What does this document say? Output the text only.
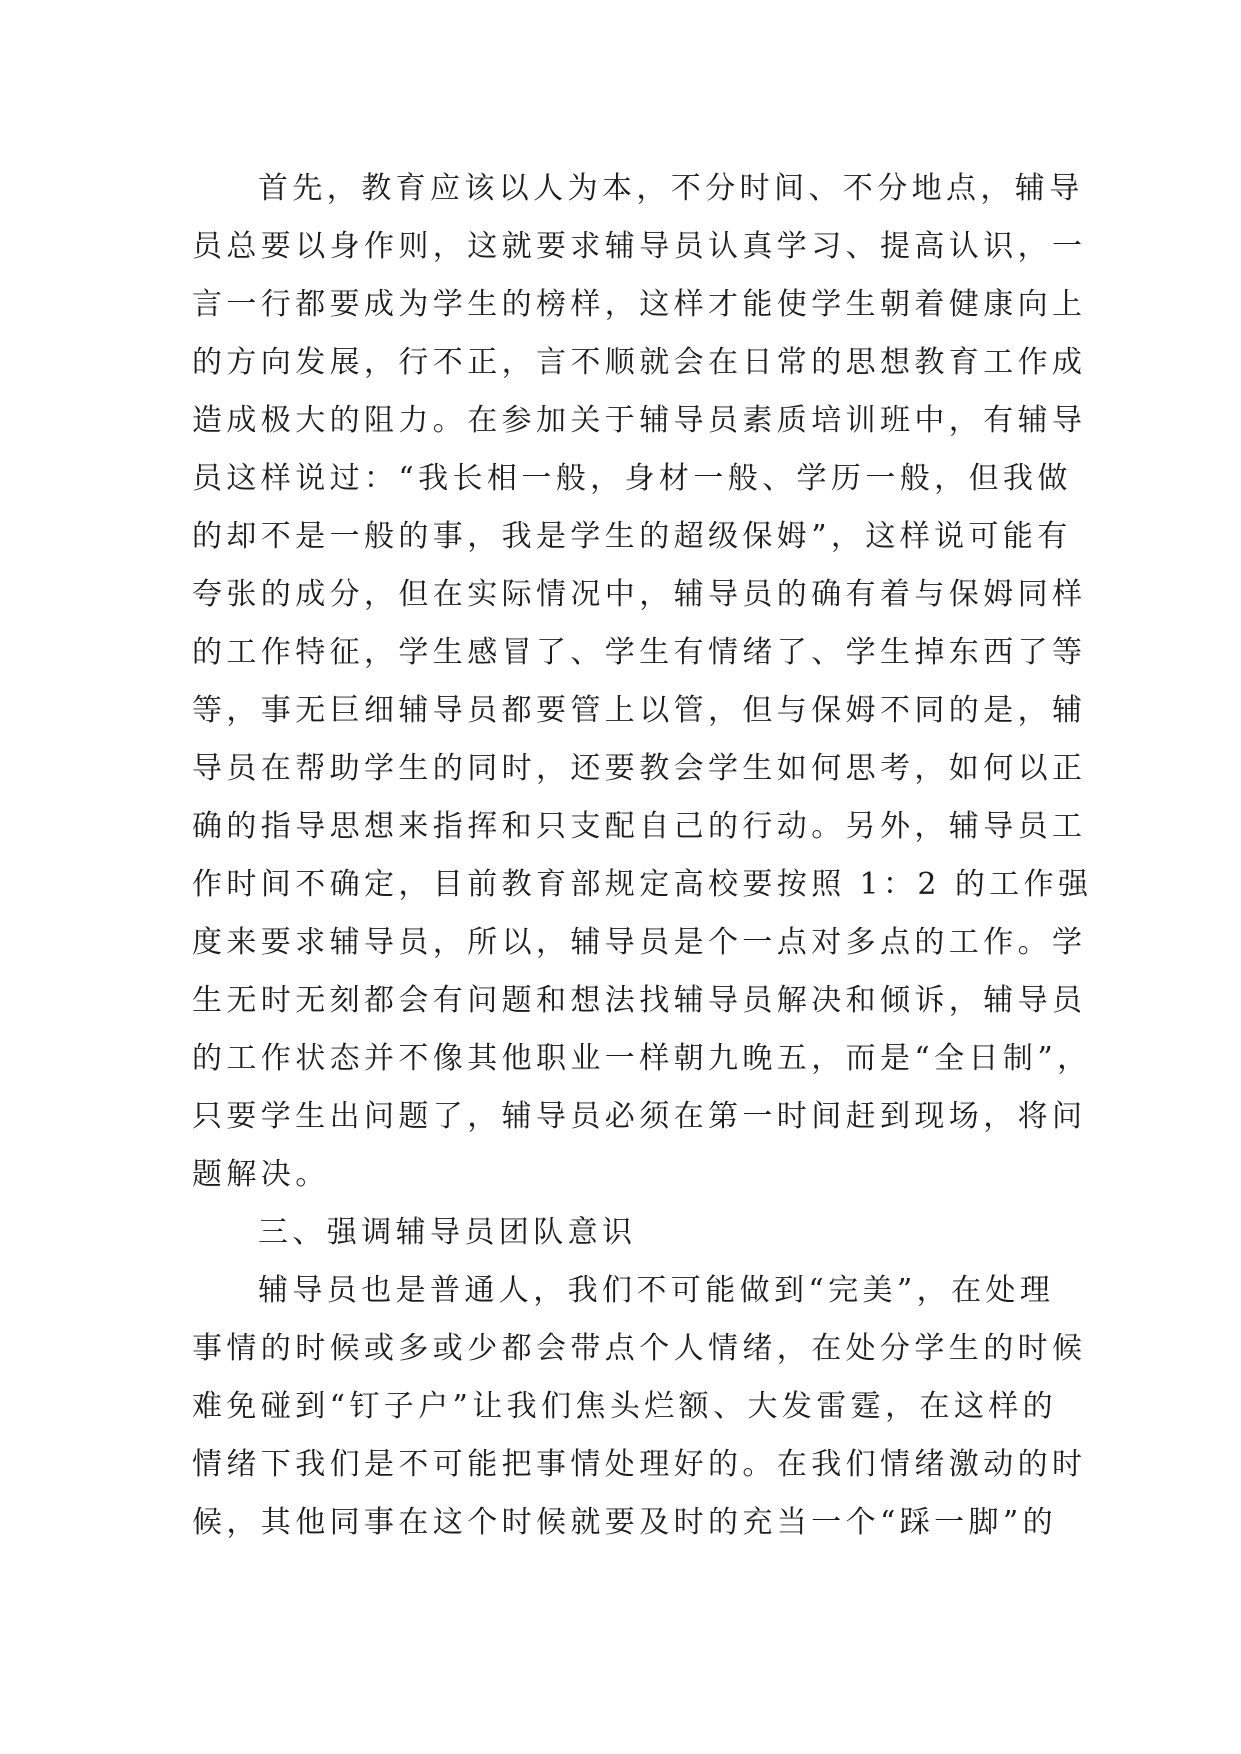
首先，教育应该以人为本，不分时间、不分地点，辅导
员总要以身作则，这就要求辅导员认真学习、提高认识，一
言一行都要成为学生的榜样，这样才能使学生朝着健康向上
的方向发展，行不正，言不顺就会在日常的思想教育工作成
造成极大的阻力。在参加关于辅导员素质培训班中，有辅导
员这样说过：“我长相一般，身材一般、学历一般，但我做
的却不是一般的事，我是学生的超级保姆”，这样说可能有
夸张的成分，但在实际情况中，辅导员的确有着与保姆同样
的工作特征，学生感冒了、学生有情绪了、学生掉东西了等
等，事无巨细辅导员都要管上以管，但与保姆不同的是，辅
导员在帮助学生的同时，还要教会学生如何思考，如何以正
确的指导思想来指挥和只支配自己的行动。另外，辅导员工
作时间不确定，目前教育部规定高校要按照 1：2 的工作强
度来要求辅导员，所以，辅导员是个一点对多点的工作。学
生无时无刻都会有问题和想法找辅导员解决和倾诉，辅导员
的工作状态并不像其他职业一样朝九晚五，而是“全日制”，
只要学生出问题了，辅导员必须在第一时间赶到现场，将问
题解决。
三、强调辅导员团队意识
辅导员也是普通人，我们不可能做到“完美”，在处理
事情的时候或多或少都会带点个人情绪，在处分学生的时候
难免碰到“钉子户”让我们焦头烂额、大发雷霆，在这样的
情绪下我们是不可能把事情处理好的。在我们情绪激动的时
候，其他同事在这个时候就要及时的充当一个“踩一脚”的
